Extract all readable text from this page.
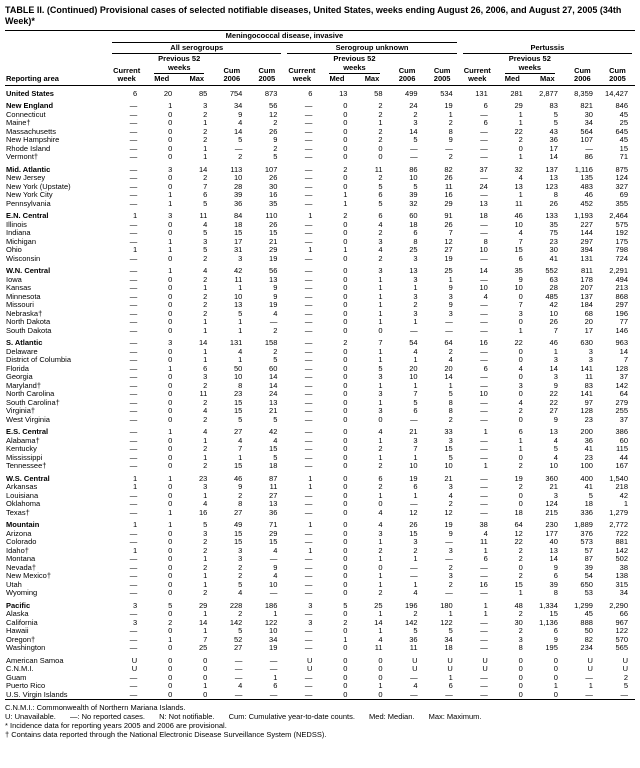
TABLE II. (Continued) Provisional cases of selected notifiable diseases, United States, weeks ending August 26, 2006, and August 27, 2005 (34th Week)*
Reporting area	Meningococcal disease, invasive														

	All serogroups					Serogroup unknown					Pertussis				

	Current week	Previous 52 weeks		Cum 2006	Cum 2005	Current week	Previous 52 weeks		Cum 2006	Cum 2005	Current week	Previous 52 weeks		Cum 2006	Cum 2005
		Med	Max				Med	Max				Med	Max		
United States	6	20	85	754	873	6	13	58	499	534	131	281	2,877	8,359	14,427
New England	—	1	3	34	56	—	0	2	24	19	6	29	83	821	846
Connecticut	—	0	2	9	12	—	0	2	2	1	—	1	5	30	45
Maine†	—	0	1	4	2	—	0	1	3	2	6	1	5	34	25
Massachusetts	—	0	2	14	26	—	0	2	14	8	—	22	43	564	645
New Hampshire	—	0	2	5	9	—	0	2	5	9	—	2	36	107	45
Rhode Island	—	0	1	—	2	—	0	0	—	—	—	0	17	—	15
Vermont†	—	0	1	2	5	—	0	0	—	2	—	1	14	86	71
Mid. Atlantic	—	3	14	113	107	—	2	11	86	82	37	32	137	1,116	875
New Jersey	—	0	2	10	26	—	0	2	10	26	—	4	13	135	124
New York (Upstate)	—	0	7	28	30	—	0	5	5	11	24	13	123	483	327
New York City	—	1	6	39	16	—	1	6	39	16	—	1	8	46	69
Pennsylvania	—	1	5	36	35	—	1	5	32	29	13	11	26	452	355
E.N. Central	1	3	11	84	110	1	2	6	60	91	18	46	133	1,193	2,464
Illinois	—	0	4	18	26	—	0	4	18	26	—	10	35	227	575
Indiana	—	0	5	15	15	—	0	2	6	7	—	4	75	144	192
Michigan	—	1	3	17	21	—	0	3	8	12	8	7	23	297	175
Ohio	1	1	5	31	29	1	1	4	25	27	10	15	30	394	798
Wisconsin	—	0	2	3	19	—	0	2	3	19	—	6	41	131	724
W.N. Central	—	1	4	42	56	—	0	3	13	25	14	35	552	811	2,291
Iowa	—	0	2	11	13	—	0	1	3	1	—	9	63	178	494
Kansas	—	0	1	1	9	—	0	1	1	9	10	10	28	207	213
Minnesota	—	0	2	10	9	—	0	1	3	3	4	0	485	137	868
Missouri	—	0	2	13	19	—	0	1	2	9	—	7	42	184	297
Nebraska†	—	0	2	5	4	—	0	1	3	3	—	3	10	68	196
North Dakota	—	0	1	1	—	—	0	1	1	—	—	0	26	20	77
South Dakota	—	0	1	1	2	—	0	0	—	—	—	1	7	17	146
S. Atlantic	—	3	14	131	158	—	2	7	54	64	16	22	46	630	963
Delaware	—	0	1	4	2	—	0	1	4	2	—	0	1	3	14
District of Columbia	—	0	1	1	5	—	0	1	1	4	—	0	3	3	7
Florida	—	1	6	50	60	—	0	5	20	20	6	4	14	141	128
Georgia	—	0	3	10	14	—	0	3	10	14	—	0	3	11	37
Maryland†	—	0	2	8	14	—	0	1	1	1	—	3	9	83	142
North Carolina	—	0	11	23	24	—	0	3	7	5	10	0	22	141	64
South Carolina†	—	0	2	15	13	—	0	1	5	8	—	4	22	97	279
Virginia†	—	0	4	15	21	—	0	3	6	8	—	2	27	128	255
West Virginia	—	0	2	5	5	—	0	0	—	2	—	0	9	23	37
E.S. Central	—	1	4	27	42	—	0	4	21	33	1	6	13	200	386
Alabama†	—	0	1	4	4	—	0	1	3	3	—	1	4	36	60
Kentucky	—	0	2	7	15	—	0	2	7	15	—	1	5	41	115
Mississippi	—	0	1	1	5	—	0	1	1	5	—	0	4	23	44
Tennessee†	—	0	2	15	18	—	0	2	10	10	1	2	10	100	167
W.S. Central	1	1	23	46	87	1	0	6	19	21	—	19	360	400	1,540
Arkansas	1	0	3	9	11	1	0	2	6	3	—	2	21	41	218
Louisiana	—	0	1	2	27	—	0	1	1	4	—	0	3	5	42
Oklahoma	—	0	4	8	13	—	0	0	—	2	—	0	124	18	1
Texas†	—	1	16	27	36	—	0	4	12	12	—	18	215	336	1,279
Mountain	1	1	5	49	71	1	0	4	26	19	38	64	230	1,889	2,772
Arizona	—	0	3	15	29	—	0	3	15	9	4	12	177	376	722
Colorado	—	0	2	15	15	—	0	1	3	—	11	22	40	573	881
Idaho†	1	0	2	3	4	1	0	2	2	3	1	2	13	57	142
Montana	—	0	1	3	—	—	0	1	1	—	6	2	14	87	502
Nevada†	—	0	2	2	9	—	0	0	—	2	—	0	9	39	38
New Mexico†	—	0	1	2	4	—	0	1	—	3	—	2	6	54	138
Utah	—	0	1	5	10	—	0	1	1	2	16	15	39	650	315
Wyoming	—	0	2	4	—	—	0	2	4	—	—	1	8	53	34
Pacific	3	5	29	228	186	3	5	25	196	180	1	48	1,334	1,299	2,290
Alaska	—	0	1	2	1	—	0	1	2	1	1	2	15	45	66
California	3	2	14	142	122	3	2	14	142	122	—	30	1,136	888	967
Hawaii	—	0	1	5	10	—	0	1	5	5	—	2	6	50	122
Oregon†	—	1	7	52	34	—	1	4	36	34	—	3	9	82	570
Washington	—	0	25	27	19	—	0	11	11	18	—	8	195	234	565
American Samoa	U	0	0	—	—	U	0	0	U	U	U	0	0	U	U
C.N.M.I.	U	0	0	—	—	U	0	0	U	U	U	0	0	U	U
Guam	—	0	0	—	1	—	0	0	—	1	—	0	0	—	2
Puerto Rico	—	0	1	4	6	—	0	1	4	6	—	0	1	1	5
U.S. Virgin Islands	—	0	0	—	—	—	0	0	—	—	—	0	0	—	—
C.N.M.I.: Commonwealth of Northern Mariana Islands.
U: Unavailable. —: No reported cases. N: Not notifiable. Cum: Cumulative year-to-date counts. Med: Median. Max: Maximum.
* Incidence data for reporting years 2005 and 2006 are provisional.
† Contains data reported through the National Electronic Disease Surveillance System (NEDSS).
